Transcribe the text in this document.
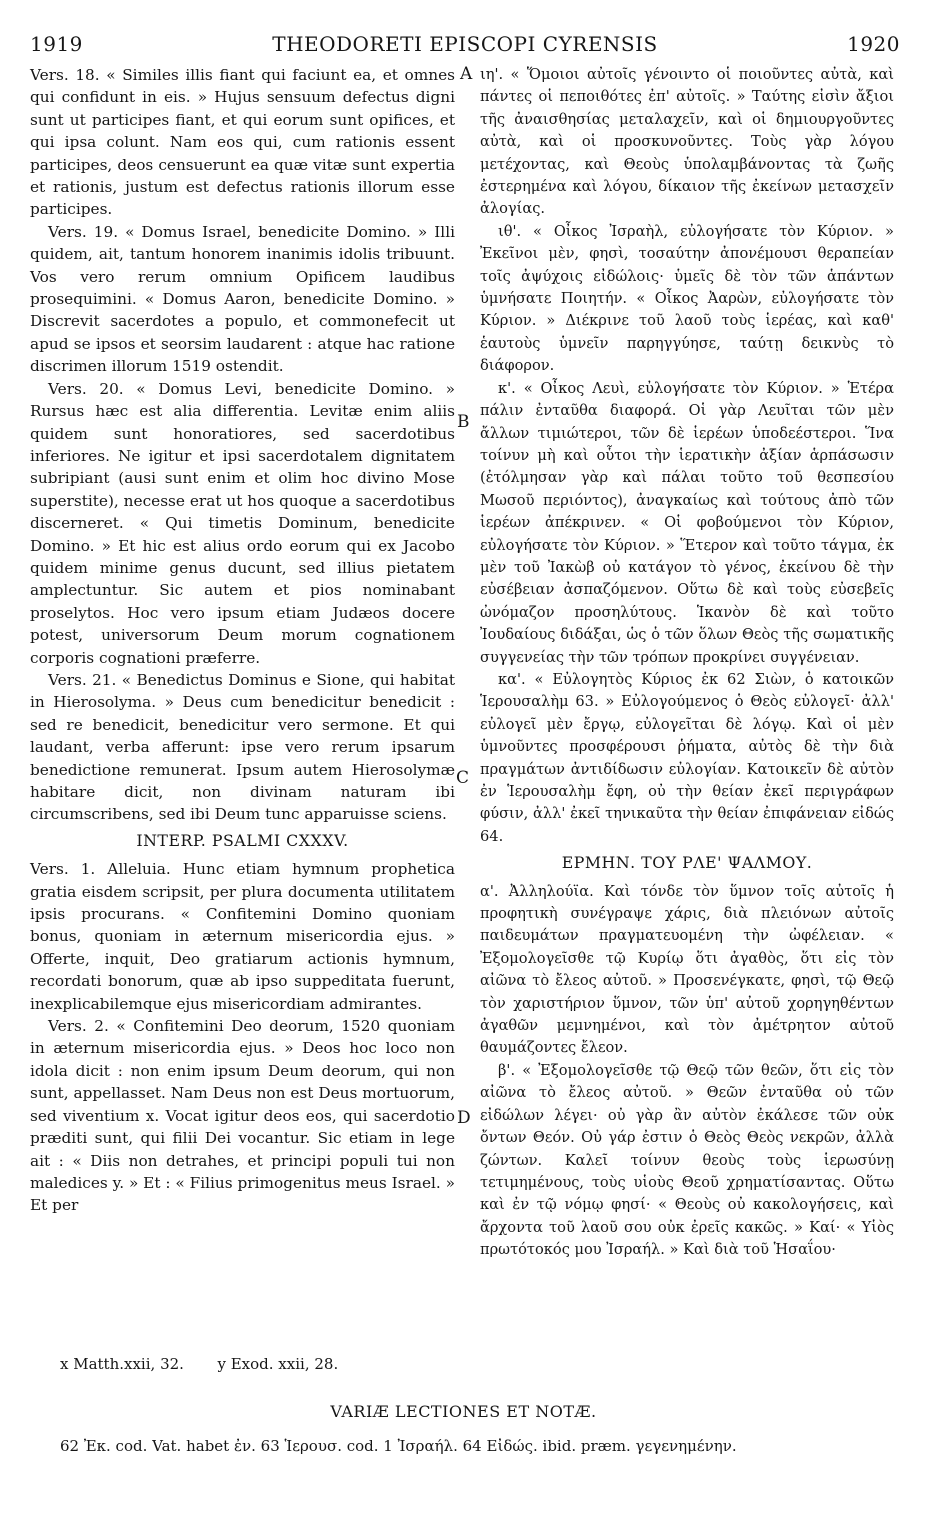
1919	THEODORETI EPISCOPI CYRENSIS	1920

Vers. 18. « Similes illis fiant qui faciunt ea, et omnes qui confidunt in eis. » Hujus sensuum defectus digni sunt ut participes fiant, et qui eorum sunt opifices, et qui ipsa colunt. Nam eos qui, cum rationis essent participes, deos censuerunt ea quæ vitæ sunt expertia et rationis, justum est defectus rationis illorum esse participes.

Vers. 19. « Domus Israel, benedicite Domino. » Illi quidem, ait, tantum honorem inanimis idolis tribuunt. Vos vero rerum omnium Opificem laudibus prosequimini. « Domus Aaron, benedicite Domino. » Discrevit sacerdotes a populo, et commonefecit ut apud se ipsos et seorsim laudarent : atque hac ratione discrimen illorum 1519 ostendit.

Vers. 20. « Domus Levi, benedicite Domino. » Rursus hæc est alia differentia. Levitæ enim aliis quidem sunt honoratiores, sed sacerdotibus inferiores. Ne igitur et ipsi sacerdotalem dignitatem subripiant (ausi sunt enim et olim hoc divino Mose superstite), necesse erat ut hos quoque a sacerdotibus discerneret. « Qui timetis Dominum, benedicite Domino. » Et hic est alius ordo eorum qui ex Jacobo quidem minime genus ducunt, sed illius pietatem amplectuntur. Sic autem et pios nominabant proselytos. Hoc vero ipsum etiam Judæos docere potest, universorum Deum morum cognationem corporis cognationi præferre.

Vers. 21. « Benedictus Dominus e Sione, qui habitat in Hierosolyma. » Deus cum benedicitur benedicit : sed re benedicit, benedicitur vero sermone. Et qui laudant, verba afferunt: ipse vero rerum ipsarum benedictione remunerat. Ipsum autem Hierosolymæ habitare dicit, non divinam naturam ibi circumscribens, sed ibi Deum tunc apparuisse sciens.

INTERP. PSALMI CXXXV.

Vers. 1. Alleluia. Hunc etiam hymnum prophetica gratia eisdem scripsit, per plura documenta utilitatem ipsis procurans. « Confitemini Domino quoniam bonus, quoniam in æternum misericordia ejus. » Offerte, inquit, Deo gratiarum actionis hymnum, recordati bonorum, quæ ab ipso suppeditata fuerunt, inexplicabilemque ejus misericordiam admirantes.

Vers. 2. « Confitemini Deo deorum, 1520 quoniam in æternum misericordia ejus. » Deos hoc loco non idola dicit : non enim ipsum Deum deorum, qui non sunt, appellasset. Nam Deus non est Deus mortuorum, sed viventium x. Vocat igitur deos eos, qui sacerdotio præditi sunt, qui filii Dei vocantur. Sic etiam in lege ait : « Diis non detrahes, et principi populi tui non maledices y. » Et : « Filius primogenitus meus Israel. » Et per

ιη'. « Ὅμοιοι αὐτοῖς γένοιντο οἱ ποιοῦντες αὐτὰ, καὶ πάντες οἱ πεποιθότες ἐπ' αὐτοῖς. » Ταύτης εἰσὶν ἄξιοι τῆς ἀναισθησίας μεταλαχεῖν, καὶ οἱ δημιουργοῦντες αὐτὰ, καὶ οἱ προσκυνοῦντες. Τοὺς γὰρ λόγου μετέχοντας, καὶ Θεοὺς ὑπολαμβάνοντας τὰ ζωῆς ἐστερημένα καὶ λόγου, δίκαιον τῆς ἐκείνων μετασχεῖν ἀλογίας.

ιθ'. « Οἶκος Ἰσραὴλ, εὐλογήσατε τὸν Κύριον. » Ἐκεῖνοι μὲν, φησὶ, τοσαύτην ἀπονέμουσι θεραπείαν τοῖς ἀψύχοις εἰδώλοις· ὑμεῖς δὲ τὸν τῶν ἁπάντων ὑμνήσατε Ποιητήν. « Οἶκος Ἀαρὼν, εὐλογήσατε τὸν Κύριον. » Διέκρινε τοῦ λαοῦ τοὺς ἱερέας, καὶ καθ' ἑαυτοὺς ὑμνεῖν παρηγγύησε, ταύτῃ δεικνὺς τὸ διάφορον.

κ'. « Οἶκος Λευὶ, εὐλογήσατε τὸν Κύριον. » Ἑτέρα πάλιν ἐνταῦθα διαφορά. Οἱ γὰρ Λευῖται τῶν μὲν ἄλλων τιμιώτεροι, τῶν δὲ ἱερέων ὑποδεέστεροι. Ἵνα τοίνυν μὴ καὶ οὗτοι τὴν ἱερατικὴν ἀξίαν ἁρπάσωσιν (ἐτόλμησαν γὰρ καὶ πάλαι τοῦτο τοῦ θεσπεσίου Μωσοῦ περιόντος), ἀναγκαίως καὶ τούτους ἀπὸ τῶν ἱερέων ἀπέκρινεν. « Οἱ φοβούμενοι τὸν Κύριον, εὐλογήσατε τὸν Κύριον. » Ἕτερον καὶ τοῦτο τάγμα, ἐκ μὲν τοῦ Ἰακὼβ οὐ κατάγον τὸ γένος, ἐκείνου δὲ τὴν εὐσέβειαν ἀσπαζόμενον. Οὕτω δὲ καὶ τοὺς εὐσεβεῖς ὠνόμαζον προσηλύτους. Ἱκανὸν δὲ καὶ τοῦτο Ἰουδαίους διδάξαι, ὡς ὁ τῶν ὅλων Θεὸς τῆς σωματικῆς συγγενείας τὴν τῶν τρόπων προκρίνει συγγένειαν.

κα'. « Εὐλογητὸς Κύριος ἐκ 62 Σιὼν, ὁ κατοικῶν Ἱερουσαλὴμ 63. » Εὐλογούμενος ὁ Θεὸς εὐλογεῖ· ἀλλ' εὐλογεῖ μὲν ἔργῳ, εὐλογεῖται δὲ λόγῳ. Καὶ οἱ μὲν ὑμνοῦντες προσφέρουσι ῥήματα, αὐτὸς δὲ τὴν διὰ πραγμάτων ἀντιδίδωσιν εὐλογίαν. Κατοικεῖν δὲ αὐτὸν ἐν Ἱερουσαλὴμ ἔφη, οὐ τὴν θείαν ἐκεῖ περιγράφων φύσιν, ἀλλ' ἐκεῖ τηνικαῦτα τὴν θείαν ἐπιφάνειαν εἰδώς 64.

ΕΡΜΗΝ. ΤΟΥ ΡΛΕ' ΨΑΛΜΟΥ.

α'. Ἀλληλούϊα. Καὶ τόνδε τὸν ὕμνον τοῖς αὐτοῖς ἡ προφητικὴ συνέγραψε χάρις, διὰ πλειόνων αὐτοῖς παιδευμάτων πραγματευομένη τὴν ὠφέλειαν. « Ἐξομολογεῖσθε τῷ Κυρίῳ ὅτι ἀγαθὸς, ὅτι εἰς τὸν αἰῶνα τὸ ἔλεος αὐτοῦ. » Προσενέγκατε, φησὶ, τῷ Θεῷ τὸν χαριστήριον ὕμνον, τῶν ὑπ' αὐτοῦ χορηγηθέντων ἀγαθῶν μεμνημένοι, καὶ τὸν ἀμέτρητον αὐτοῦ θαυμάζοντες ἔλεον.

β'. « Ἐξομολογεῖσθε τῷ Θεῷ τῶν θεῶν, ὅτι εἰς τὸν αἰῶνα τὸ ἔλεος αὐτοῦ. » Θεῶν ἐνταῦθα οὐ τῶν εἰδώλων λέγει· οὐ γὰρ ἂν αὐτὸν ἐκάλεσε τῶν οὐκ ὄντων Θεόν. Οὐ γάρ ἐστιν ὁ Θεὸς Θεὸς νεκρῶν, ἀλλὰ ζώντων. Καλεῖ τοίνυν θεοὺς τοὺς ἱερωσύνῃ τετιμημένους, τοὺς υἱοὺς Θεοῦ χρηματίσαντας. Οὕτω καὶ ἐν τῷ νόμῳ φησί· « Θεοὺς οὐ κακολογήσεις, καὶ ἄρχοντα τοῦ λαοῦ σου οὐκ ἐρεῖς κακῶς. » Καί· « Υἱὸς πρωτότοκός μου Ἰσραήλ. » Καὶ διὰ τοῦ Ἡσαΐου·

A
B
C
D
x Matth.xxii, 32. y Exod. xxii, 28.
VARIÆ LECTIONES ET NOTÆ.
62 Ἐκ. cod. Vat. habet ἐν. 63 Ἱερουσ. cod. 1 Ἰσραήλ. 64 Εἰδώς. ibid. præm. γεγενημένην.
